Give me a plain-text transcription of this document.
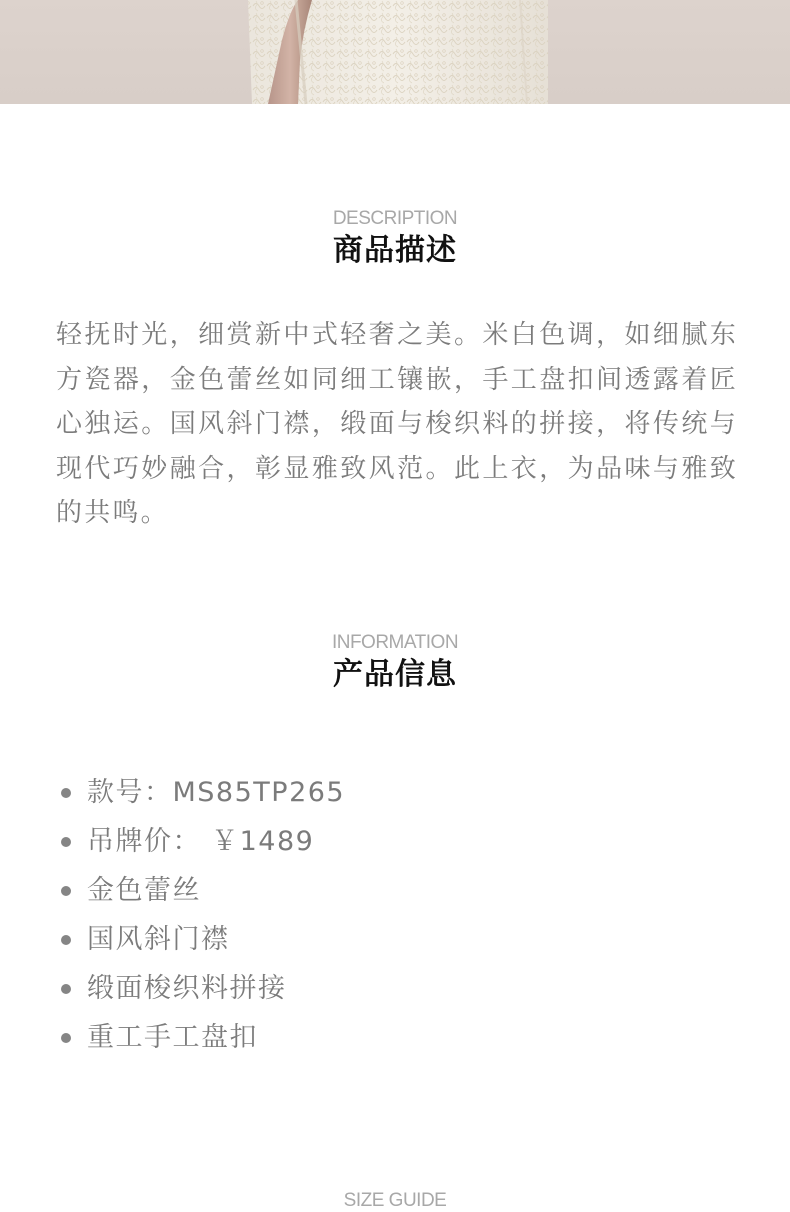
DESCRIPTION
商品描述

轻抚时光，细赏新中式轻奢之美。米白色调，如细腻东方瓷器，金色蕾丝如同细工镶嵌，手工盘扣间透露着匠心独运。国风斜门襟，缎面与梭织料的拼接，将传统与现代巧妙融合，彰显雅致风范。此上衣，为品味与雅致的共鸣。

INFORMATION
产品信息
款号：MS85TP265
吊牌价： ￥1489
金色蕾丝
国风斜门襟
缎面梭织料拼接
重工手工盘扣
SIZE GUIDE
